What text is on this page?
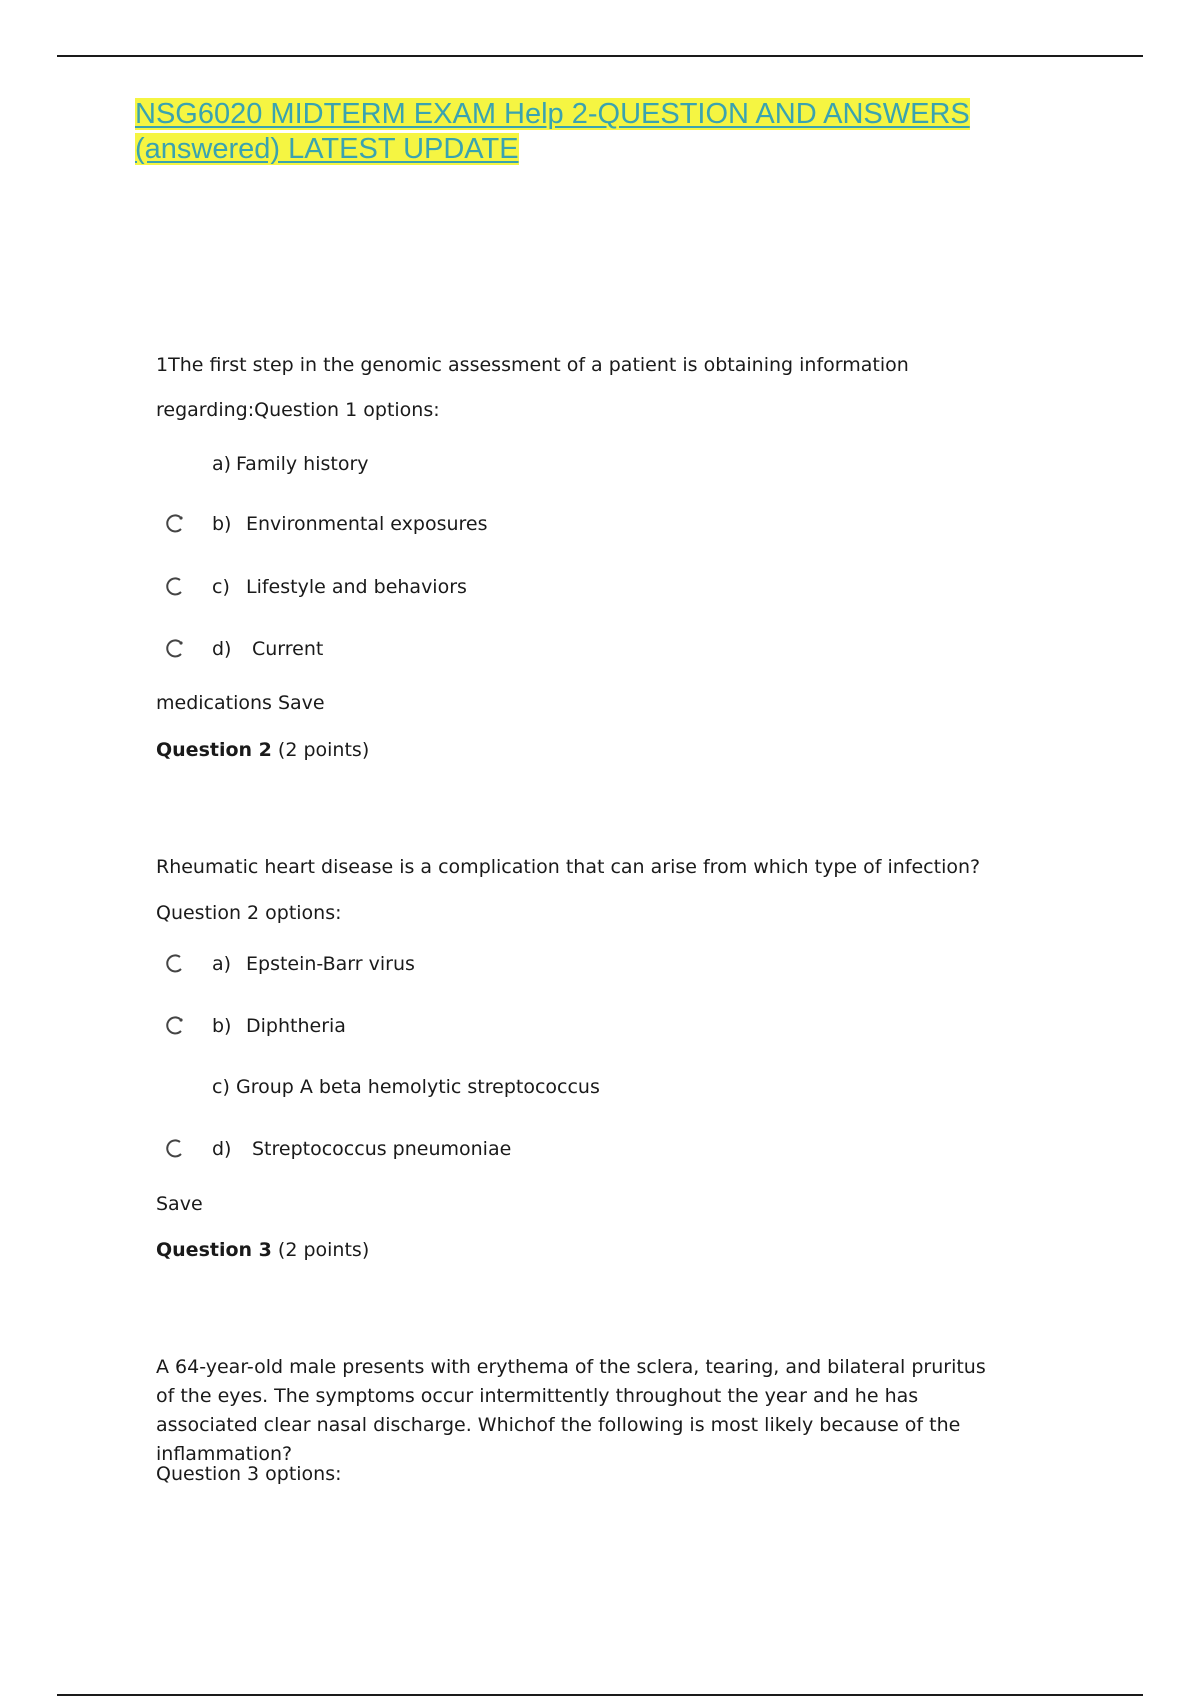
NSG6020 MIDTERM EXAM Help 2-QUESTION AND ANSWERS
(answered) LATEST UPDATE
1The first step in the genomic assessment of a patient is obtaining information
regarding:Question 1 options:
a) Family history
b) Environmental exposures
c) Lifestyle and behaviors
d)	Current
medications Save
Question 2 (2 points)
Rheumatic heart disease is a complication that can arise from which type of infection?
Question 2 options:
a) Epstein-Barr virus
b) Diphtheria
c) Group A beta hemolytic streptococcus
d)	Streptococcus pneumoniae
Save
Question 3 (2 points)
A 64-year-old male presents with erythema of the sclera, tearing, and bilateral pruritus of the eyes. The symptoms occur intermittently throughout the year and he has associated clear nasal discharge. Whichof the following is most likely because of the inflammation?
Question 3 options:
